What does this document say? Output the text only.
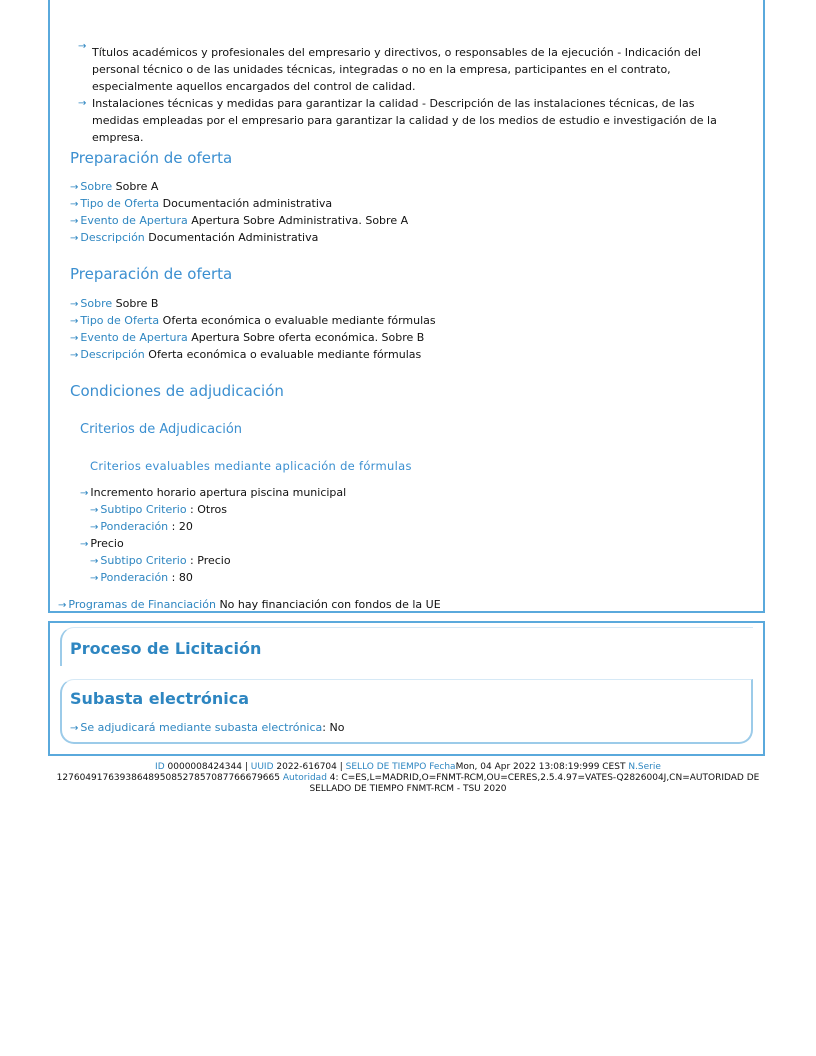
→ Títulos académicos y profesionales del empresario y directivos, o responsables de la ejecución - Indicación del personal técnico o de las unidades técnicas, integradas o no en la empresa, participantes en el contrato, especialmente aquellos encargados del control de calidad.
→ Instalaciones técnicas y medidas para garantizar la calidad - Descripción de las instalaciones técnicas, de las medidas empleadas por el empresario para garantizar la calidad y de los medios de estudio e investigación de la empresa.
Preparación de oferta
→ Sobre Sobre A
→ Tipo de Oferta Documentación administrativa
→ Evento de Apertura Apertura Sobre Administrativa. Sobre A
→ Descripción Documentación Administrativa
Preparación de oferta
→ Sobre Sobre B
→ Tipo de Oferta Oferta económica o evaluable mediante fórmulas
→ Evento de Apertura Apertura Sobre oferta económica. Sobre B
→ Descripción Oferta económica o evaluable mediante fórmulas
Condiciones de adjudicación
Criterios de Adjudicación
Criterios evaluables mediante aplicación de fórmulas
→ Incremento horario apertura piscina municipal
→ Subtipo Criterio : Otros
→ Ponderación : 20
→ Precio
→ Subtipo Criterio : Precio
→ Ponderación : 80
→ Programas de Financiación No hay financiación con fondos de la UE
Proceso de Licitación
Subasta electrónica
→ Se adjudicará mediante subasta electrónica: No
ID 0000008424344 | UUID 2022-616704 | SELLO DE TIEMPO FechaMon, 04 Apr 2022 13:08:19:999 CEST N.Serie
127604917639386489508527857087766679665 Autoridad 4: C=ES,L=MADRID,O=FNMT-RCM,OU=CERES,2.5.4.97=VATES-Q2826004J,CN=AUTORIDAD DE SELLADO DE TIEMPO FNMT-RCM - TSU 2020
